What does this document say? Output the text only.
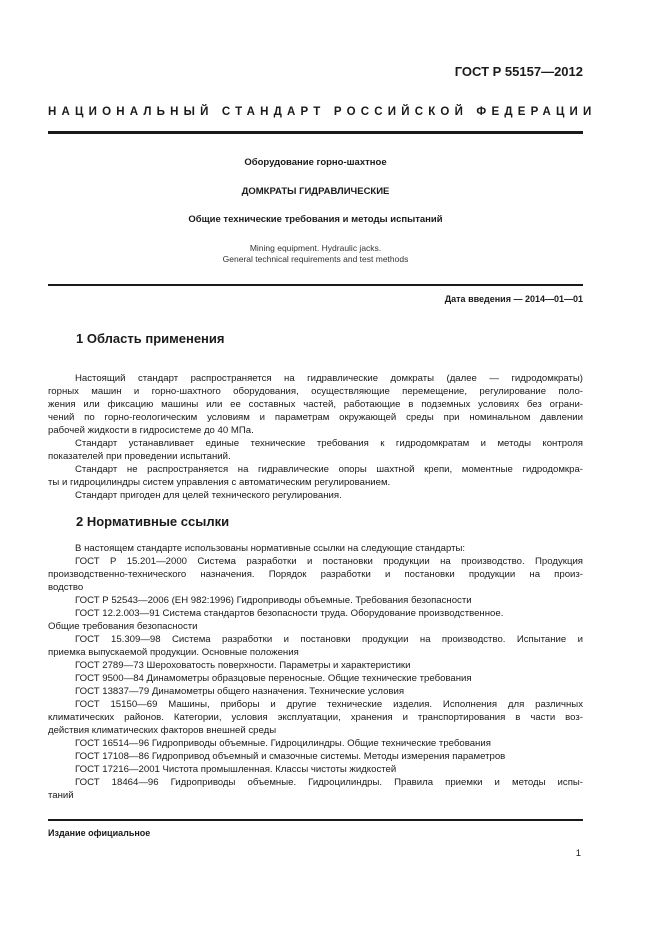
ГОСТ Р 55157—2012
НАЦИОНАЛЬНЫЙ СТАНДАРТ РОССИЙСКОЙ ФЕДЕРАЦИИ
Оборудование горно-шахтное
ДОМКРАТЫ ГИДРАВЛИЧЕСКИЕ
Общие технические требования и методы испытаний
Mining equipment. Hydraulic jacks.
General technical requirements and test methods
Дата введения — 2014—01—01
1 Область применения
Настоящий стандарт распространяется на гидравлические домкраты (далее — гидродомкраты)
горных машин и горно-шахтного оборудования, осуществляющие перемещение, регулирование поло-
жения или фиксацию машины или ее составных частей, работающие в подземных условиях без ограни-
чений по горно-геологическим условиям и параметрам окружающей среды при номинальном давлении
рабочей жидкости в гидросистеме до 40 МПа.
Стандарт устанавливает единые технические требования к гидродомкратам и методы контроля
показателей при проведении испытаний.
Стандарт не распространяется на гидравлические опоры шахтной крепи, моментные гидродомкра-
ты и гидроцилиндры систем управления с автоматическим регулированием.
Стандарт пригоден для целей технического регулирования.
2 Нормативные ссылки
В настоящем стандарте использованы нормативные ссылки на следующие стандарты:
ГОСТ Р 15.201—2000 Система разработки и постановки продукции на производство. Продукция
производственно-технического назначения. Порядок разработки и постановки продукции на произ-
водство
ГОСТ Р 52543—2006 (ЕН 982:1996) Гидроприводы объемные. Требования безопасности
ГОСТ 12.2.003—91 Система стандартов безопасности труда. Оборудование производственное.
Общие требования безопасности
ГОСТ 15.309—98 Система разработки и постановки продукции на производство. Испытание и
приемка выпускаемой продукции. Основные положения
ГОСТ 2789—73 Шероховатость поверхности. Параметры и характеристики
ГОСТ 9500—84 Динамометры образцовые переносные. Общие технические требования
ГОСТ 13837—79 Динамометры общего назначения. Технические условия
ГОСТ 15150—69 Машины, приборы и другие технические изделия. Исполнения для различных
климатических районов. Категории, условия эксплуатации, хранения и транспортирования в части воз-
действия климатических факторов внешней среды
ГОСТ 16514—96 Гидроприводы объемные. Гидроцилиндры. Общие технические требования
ГОСТ 17108—86 Гидропривод объемный и смазочные системы. Методы измерения параметров
ГОСТ 17216—2001 Чистота промышленная. Классы чистоты жидкостей
ГОСТ 18464—96 Гидроприводы объемные. Гидроцилиндры. Правила приемки и методы испы-
таний
Издание официальное
1
